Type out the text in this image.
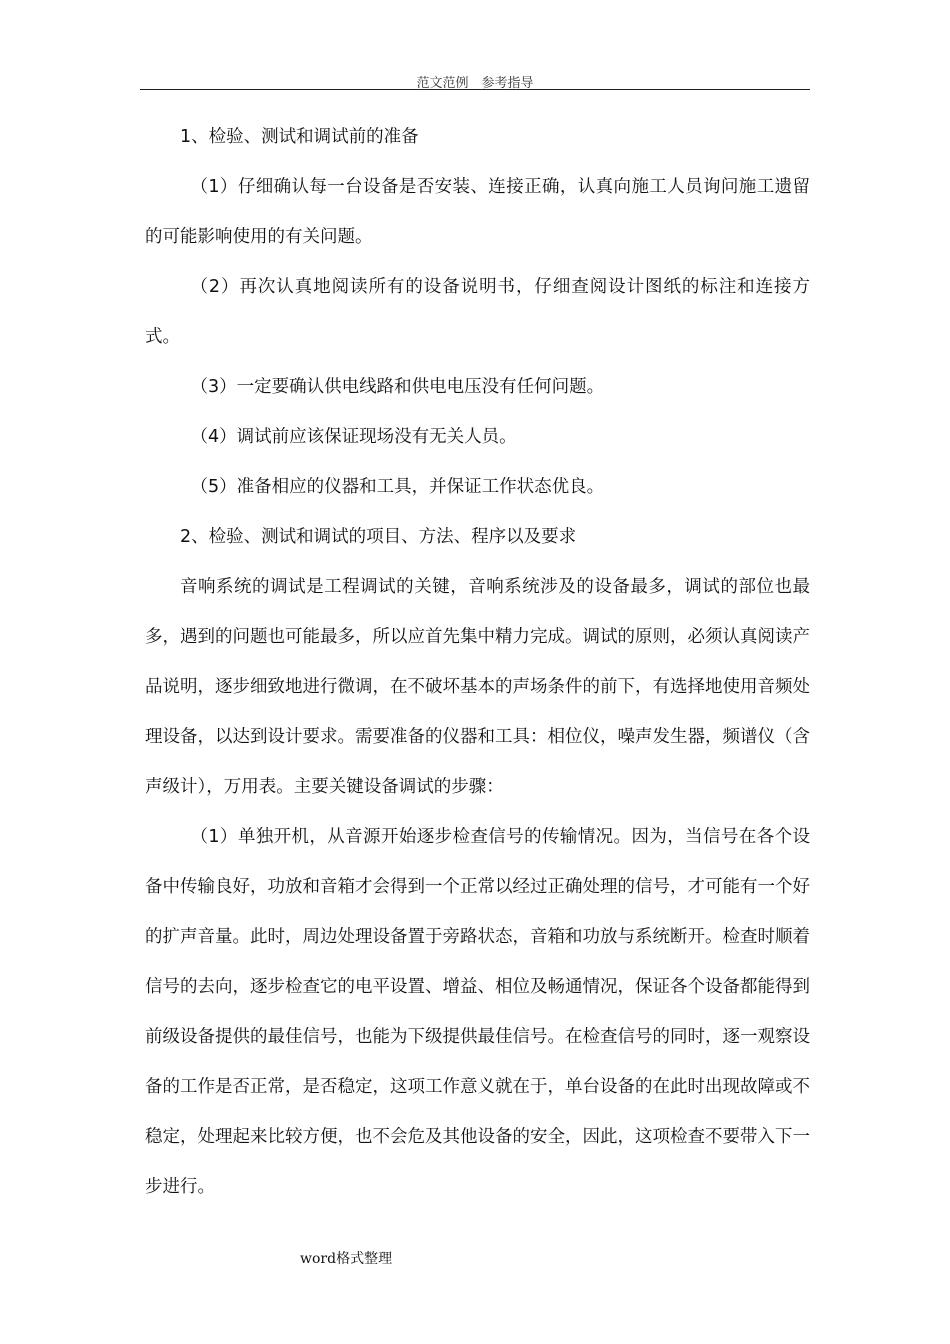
范文范例　参考指导

1、检验、测试和调试前的准备

（1）仔细确认每一台设备是否安装、连接正确，认真向施工人员询问施工遗留的可能影响使用的有关问题。

（2）再次认真地阅读所有的设备说明书，仔细查阅设计图纸的标注和连接方式。

（3）一定要确认供电线路和供电电压没有任何问题。

（4）调试前应该保证现场没有无关人员。

（5）准备相应的仪器和工具，并保证工作状态优良。

2、检验、测试和调试的项目、方法、程序以及要求

音响系统的调试是工程调试的关键，音响系统涉及的设备最多，调试的部位也最多，遇到的问题也可能最多，所以应首先集中精力完成。调试的原则，必须认真阅读产品说明，逐步细致地进行微调，在不破坏基本的声场条件的前下，有选择地使用音频处理设备，以达到设计要求。需要准备的仪器和工具：相位仪，噪声发生器，频谱仪（含声级计），万用表。主要关键设备调试的步骤：

（1）单独开机，从音源开始逐步检查信号的传输情况。因为，当信号在各个设备中传输良好，功放和音箱才会得到一个正常以经过正确处理的信号，才可能有一个好的扩声音量。此时，周边处理设备置于旁路状态，音箱和功放与系统断开。检查时顺着信号的去向，逐步检查它的电平设置、增益、相位及畅通情况，保证各个设备都能得到前级设备提供的最佳信号，也能为下级提供最佳信号。在检查信号的同时，逐一观察设备的工作是否正常，是否稳定，这项工作意义就在于，单台设备的在此时出现故障或不稳定，处理起来比较方便，也不会危及其他设备的安全，因此，这项检查不要带入下一步进行。

word格式整理
